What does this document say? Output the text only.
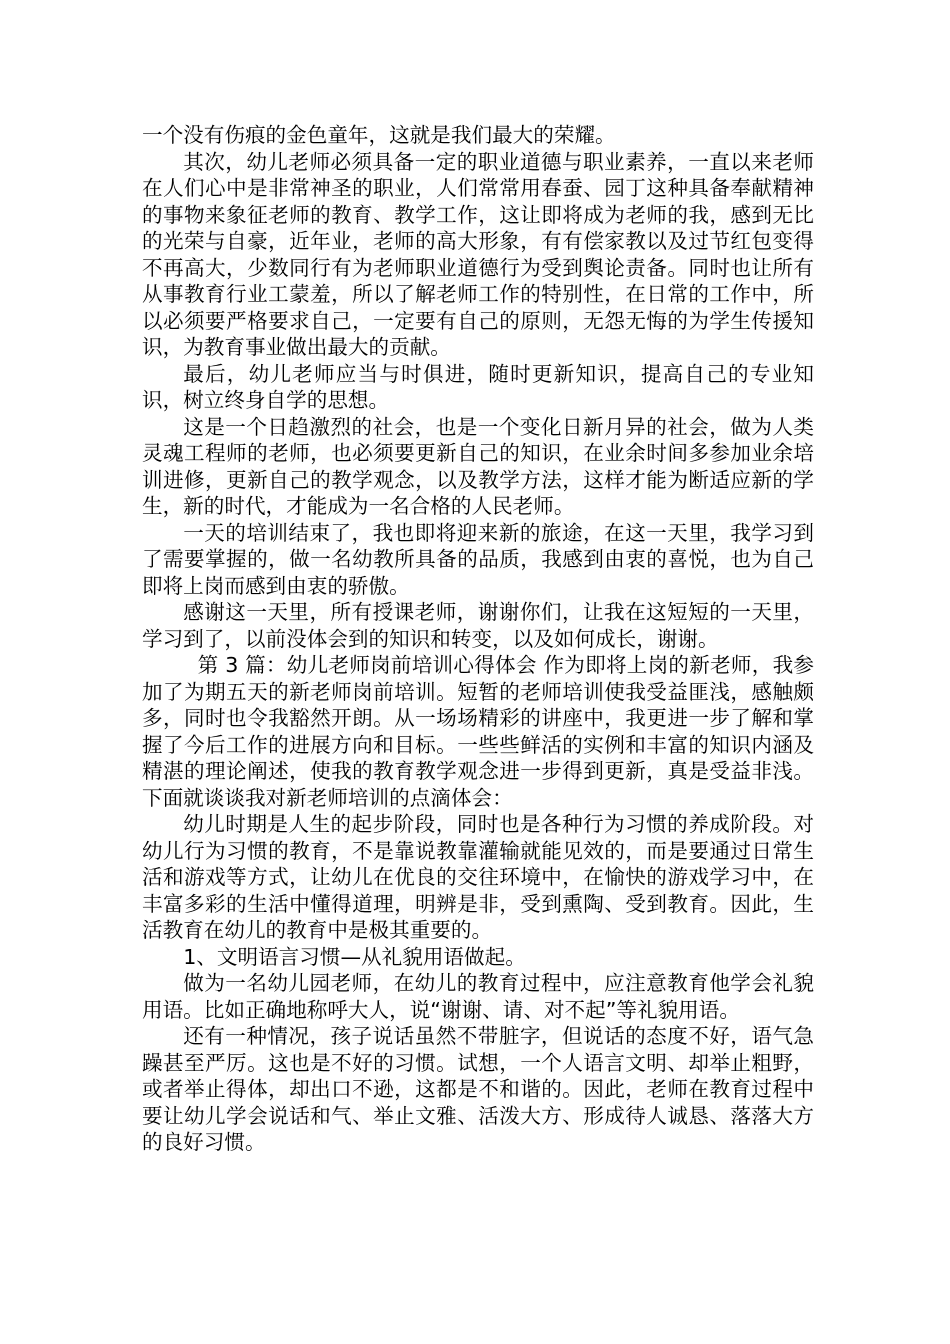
一个没有伤痕的金色童年，这就是我们最大的荣耀。

其次，幼儿老师必须具备一定的职业道德与职业素养，一直以来老师在人们心中是非常神圣的职业，人们常常用春蚕、园丁这种具备奉献精神的事物来象征老师的教育、教学工作，这让即将成为老师的我，感到无比的光荣与自豪，近年业，老师的高大形象，有有偿家教以及过节红包变得不再高大，少数同行有为老师职业道德行为受到舆论责备。同时也让所有从事教育行业工蒙羞，所以了解老师工作的特别性，在日常的工作中，所以必须要严格要求自己，一定要有自己的原则，无怨无悔的为学生传援知识，为教育事业做出最大的贡献。

最后，幼儿老师应当与时俱进，随时更新知识，提高自己的专业知识，树立终身自学的思想。

这是一个日趋激烈的社会，也是一个变化日新月异的社会，做为人类灵魂工程师的老师，也必须要更新自己的知识，在业余时间多参加业余培训进修，更新自己的教学观念，以及教学方法，这样才能为断适应新的学生，新的时代，才能成为一名合格的人民老师。

一天的培训结束了，我也即将迎来新的旅途，在这一天里，我学习到了需要掌握的，做一名幼教所具备的品质，我感到由衷的喜悦，也为自己即将上岗而感到由衷的骄傲。

感谢这一天里，所有授课老师，谢谢你们，让我在这短短的一天里，学习到了，以前没体会到的知识和转变，以及如何成长，谢谢。

第 3 篇：幼儿老师岗前培训心得体会 作为即将上岗的新老师，我参加了为期五天的新老师岗前培训。短暂的老师培训使我受益匪浅，感触颇多，同时也令我豁然开朗。从一场场精彩的讲座中，我更进一步了解和掌握了今后工作的进展方向和目标。一些些鲜活的实例和丰富的知识内涵及精湛的理论阐述，使我的教育教学观念进一步得到更新，真是受益非浅。下面就谈谈我对新老师培训的点滴体会：

幼儿时期是人生的起步阶段，同时也是各种行为习惯的养成阶段。对幼儿行为习惯的教育，不是靠说教靠灌输就能见效的，而是要通过日常生活和游戏等方式，让幼儿在优良的交往环境中，在愉快的游戏学习中，在丰富多彩的生活中懂得道理，明辨是非，受到熏陶、受到教育。因此，生活教育在幼儿的教育中是极其重要的。

1、文明语言习惯—从礼貌用语做起。

做为一名幼儿园老师，在幼儿的教育过程中，应注意教育他学会礼貌用语。比如正确地称呼大人，说“谢谢、请、对不起”等礼貌用语。

还有一种情况，孩子说话虽然不带脏字，但说话的态度不好，语气急躁甚至严厉。这也是不好的习惯。试想，一个人语言文明、却举止粗野，或者举止得体，却出口不逊，这都是不和谐的。因此，老师在教育过程中要让幼儿学会说话和气、举止文雅、活泼大方、形成待人诚恳、落落大方的良好习惯。
